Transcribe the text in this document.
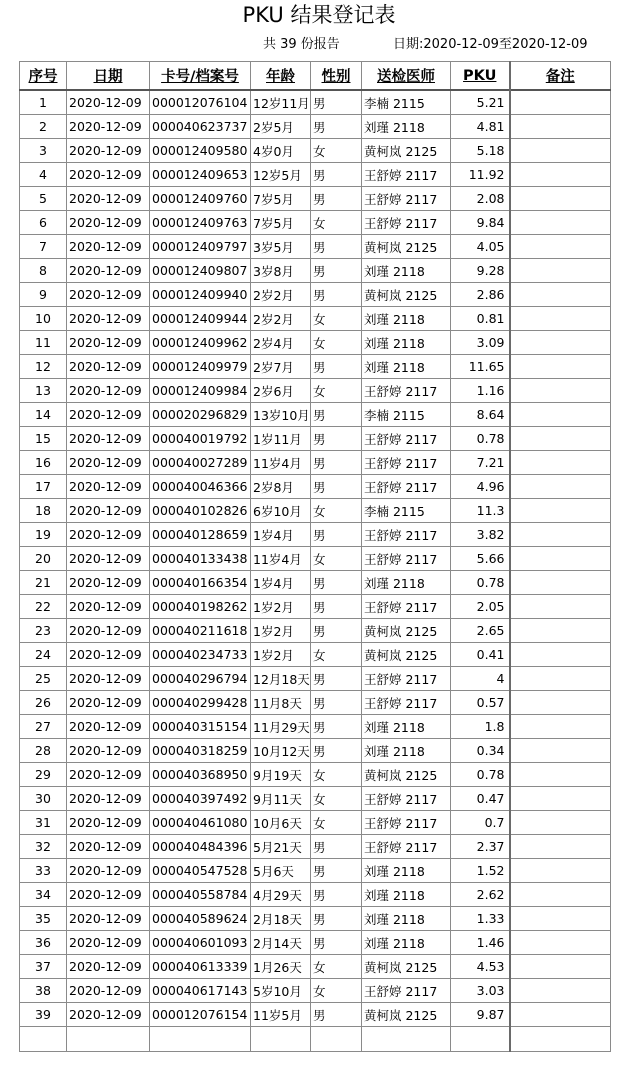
PKU 结果登记表
共 39 份报告	日期:2020-12-09至2020-12-09
序号	日期	卡号/档案号	年龄	性别	送检医师	PKU	备注
1	2020-12-09	000012076104	12岁11月	男	李楠 2115	5.21	
2	2020-12-09	000040623737	2岁5月	男	刘瑾 2118	4.81	
3	2020-12-09	000012409580	4岁0月	女	黄柯岚 2125	5.18	
4	2020-12-09	000012409653	12岁5月	男	王舒婷 2117	11.92	
5	2020-12-09	000012409760	7岁5月	男	王舒婷 2117	2.08	
6	2020-12-09	000012409763	7岁5月	女	王舒婷 2117	9.84	
7	2020-12-09	000012409797	3岁5月	男	黄柯岚 2125	4.05	
8	2020-12-09	000012409807	3岁8月	男	刘瑾 2118	9.28	
9	2020-12-09	000012409940	2岁2月	男	黄柯岚 2125	2.86	
10	2020-12-09	000012409944	2岁2月	女	刘瑾 2118	0.81	
11	2020-12-09	000012409962	2岁4月	女	刘瑾 2118	3.09	
12	2020-12-09	000012409979	2岁7月	男	刘瑾 2118	11.65	
13	2020-12-09	000012409984	2岁6月	女	王舒婷 2117	1.16	
14	2020-12-09	000020296829	13岁10月	男	李楠 2115	8.64	
15	2020-12-09	000040019792	1岁11月	男	王舒婷 2117	0.78	
16	2020-12-09	000040027289	11岁4月	男	王舒婷 2117	7.21	
17	2020-12-09	000040046366	2岁8月	男	王舒婷 2117	4.96	
18	2020-12-09	000040102826	6岁10月	女	李楠 2115	11.3	
19	2020-12-09	000040128659	1岁4月	男	王舒婷 2117	3.82	
20	2020-12-09	000040133438	11岁4月	女	王舒婷 2117	5.66	
21	2020-12-09	000040166354	1岁4月	男	刘瑾 2118	0.78	
22	2020-12-09	000040198262	1岁2月	男	王舒婷 2117	2.05	
23	2020-12-09	000040211618	1岁2月	男	黄柯岚 2125	2.65	
24	2020-12-09	000040234733	1岁2月	女	黄柯岚 2125	0.41	
25	2020-12-09	000040296794	12月18天	男	王舒婷 2117	4	
26	2020-12-09	000040299428	11月8天	男	王舒婷 2117	0.57	
27	2020-12-09	000040315154	11月29天	男	刘瑾 2118	1.8	
28	2020-12-09	000040318259	10月12天	男	刘瑾 2118	0.34	
29	2020-12-09	000040368950	9月19天	女	黄柯岚 2125	0.78	
30	2020-12-09	000040397492	9月11天	女	王舒婷 2117	0.47	
31	2020-12-09	000040461080	10月6天	女	王舒婷 2117	0.7	
32	2020-12-09	000040484396	5月21天	男	王舒婷 2117	2.37	
33	2020-12-09	000040547528	5月6天	男	刘瑾 2118	1.52	
34	2020-12-09	000040558784	4月29天	男	刘瑾 2118	2.62	
35	2020-12-09	000040589624	2月18天	男	刘瑾 2118	1.33	
36	2020-12-09	000040601093	2月14天	男	刘瑾 2118	1.46	
37	2020-12-09	000040613339	1月26天	女	黄柯岚 2125	4.53	
38	2020-12-09	000040617143	5岁10月	女	王舒婷 2117	3.03	
39	2020-12-09	000012076154	11岁5月	男	黄柯岚 2125	9.87	
